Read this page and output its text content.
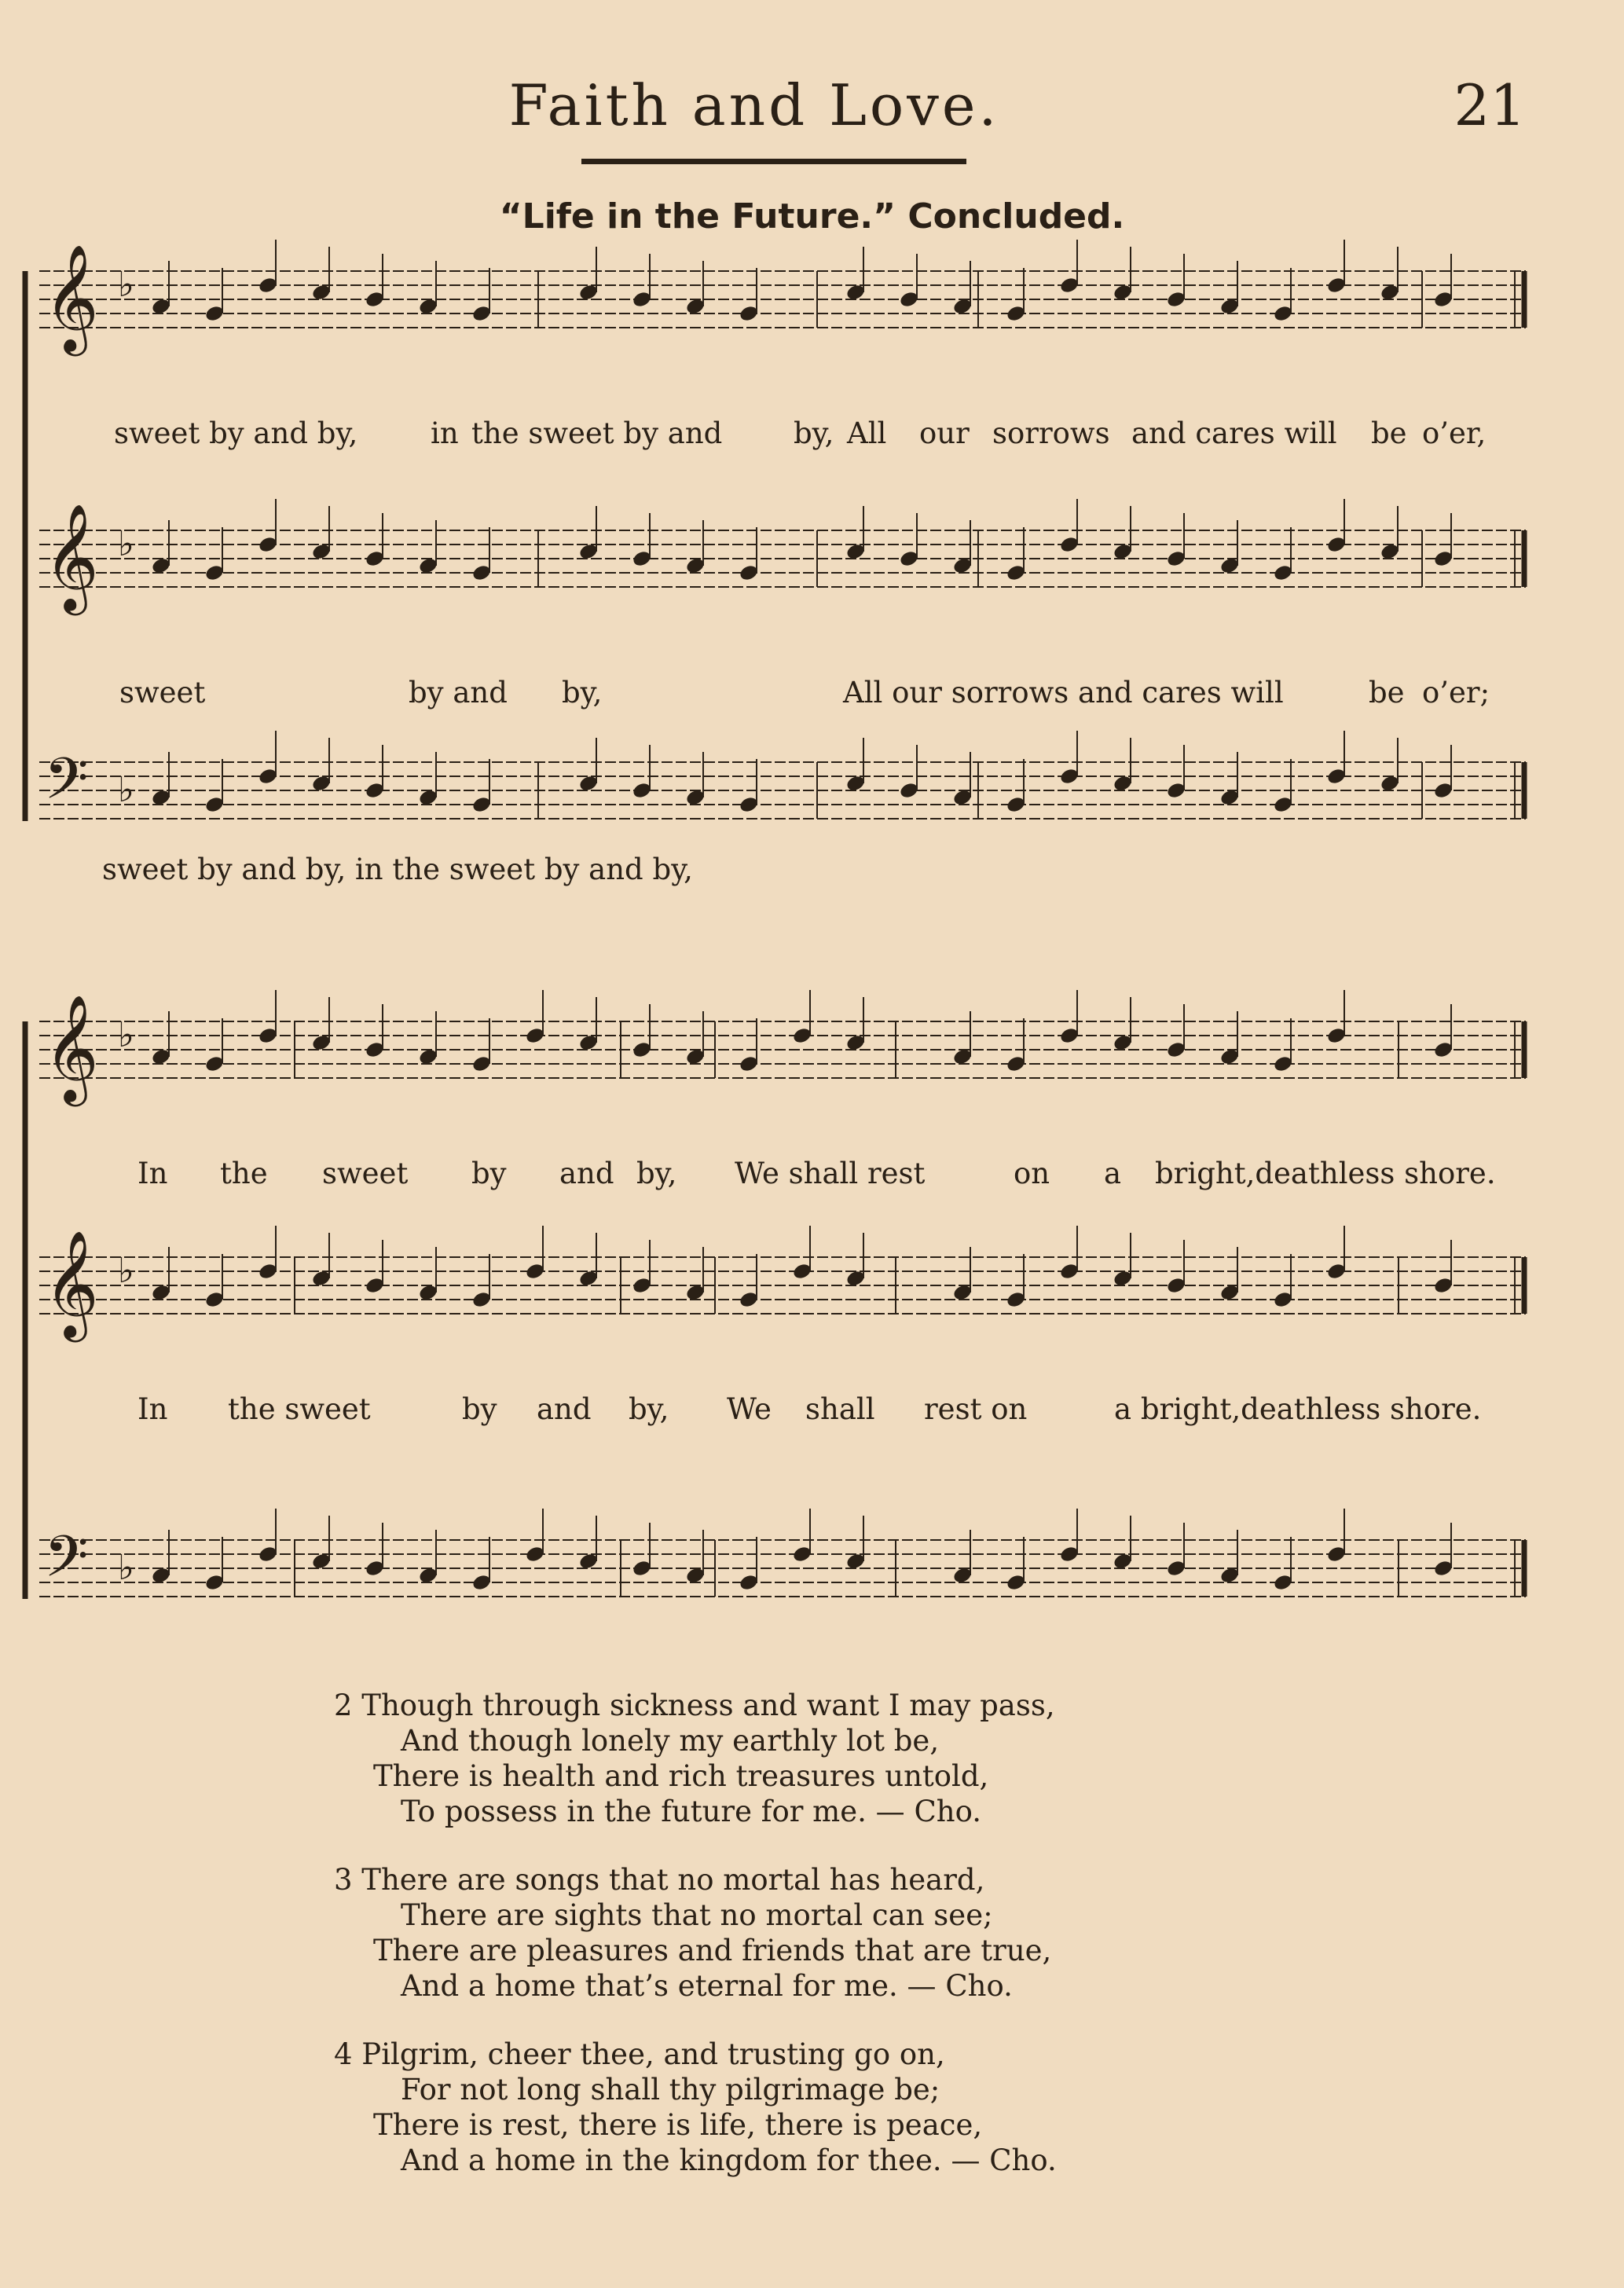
Faith and Love.	21
“Life in the Future.” Concluded.
𝄞 ♭
𝄞 ♭
𝄢 ♭
𝄞 ♭
𝄞 ♭
𝄢 ♭
sweet by and by,	in the sweet by and by, All our sorrows and cares will be o’er,
sweet	by and by,	All our sorrows and cares will	be o’er;
sweet by and by, in the sweet by and by,
In the sweet by and by, We shall rest	on a bright,deathless shore.
In the sweet	by and by, We shall rest on	a bright,deathless shore.
2 Though through sickness and want I may pass,
And though lonely my earthly lot be,
There is health and rich treasures untold,
To possess in the future for me. — Cho.
3 There are songs that no mortal has heard,
There are sights that no mortal can see;
There are pleasures and friends that are true,
And a home that’s eternal for me. — Cho.
4 Pilgrim, cheer thee, and trusting go on,
For not long shall thy pilgrimage be;
There is rest, there is life, there is peace,
And a home in the kingdom for thee. — Cho.
